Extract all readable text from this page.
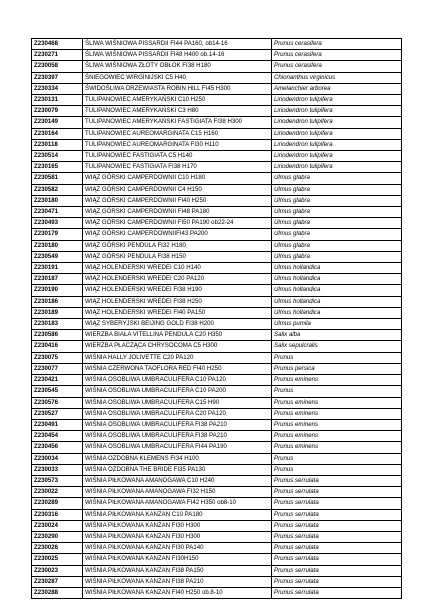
Z230468	ŚLIWA WIŚNIOWA PISSARDII FI44 PA160, ob14-16	Prunus cerasifera
Z230271	ŚLIWA WIŚNIOWA PISSARDII FI48 H400 ob.14-16	Prunus cerasifera
Z230058	ŚLIWA WIŚNIOWA ZŁOTY OBŁOK FI38 H180	Prunus cerasifera
Z230397	ŚNIEGOWIEC WIRGINIJSKI C5 H40	Chionanthus virginicus
Z230334	ŚWIDOŚLIWA DRZEWIASTA ROBIN HILL FI45 H300	Amelanchier arborea
Z230131	TULIPANOWIEC AMERYKAŃSKI C10 H250	Liriodendron tulipifera
Z230079	TULIPANOWIEC AMERYKAŃSKI C3 H80	Liriodendron tulipifera
Z230149	TULIPANOWIEC AMERYKAŃSKI FASTIGIATA FI38 H300	Liriodendron tulipifera
Z230164	TULIPANOWIEC AUREOMARGINATA C15 H160	Liriodendron tulipifera
Z230118	TULIPANOWIEC AUREOMARGINATA FI30 H110	Liriodendron tulipifera
Z230514	TULIPANOWIEC FASTIGIATA C5 H140	Liriodendron tulipifera
Z230165	TULIPANOWIEC FASTIGIATA FI38 H170	Liriodendron tulipifera
Z230581	WIĄZ GÓRSKI CAMPERDOWNII C10 H180	Ulmus glabra
Z230582	WIĄZ GÓRSKI CAMPERDOWNII C4 H150	Ulmus glabra
Z230180	WIĄZ GÓRSKI CAMPERDOWNII FI40 H250	Ulmus glabra
Z230471	WIĄZ GÓRSKI CAMPERDOWNII FI48 PA180	Ulmus glabra
Z230493	WIĄZ GÓRSKI CAMPERDOWNII FI50 PA190 ob22-24	Ulmus glabra
Z230179	WIĄZ GÓRSKI CAMPERDOWNIIFI43 PA200	Ulmus glabra
Z230180	WIĄZ GÓRSKI PENDULA FI32 H180	Ulmus glabra
Z230549	WIĄZ GÓRSKI PENDULA FI38 H150	Ulmus glabra
Z230191	WIĄZ HOLENDERSKI WREDEI C10 H140	Ulmus hollandica
Z230187	WIĄZ HOLENDERSKI WREDEI C20 PA120	Ulmus hollandica
Z230190	WIĄZ HOLENDERSKI WREDEI FI38 H190	Ulmus hollandica
Z230186	WIĄZ HOLENDERSKI WREDEI FI38 H250	Ulmus hollandica
Z230189	WIĄZ HOLENDERSKI WREDEI FI40 PA150	Ulmus hollandica
Z230183	WIĄZ SYBERYJSKI BEIJING GOLD FI38 H200	Ulmus pumila
Z230586	WIERZBA BIAŁA VITELLINA PENDULA C20 H350	Salix alba
Z230416	WIERZBA PŁACZĄCA CHRYSOCOMA C5 H300	Salix sepulcralis
Z230075	WIŚNIA HALLY JOLIVETTE C20 PA120	Prunus
Z230077	WIŚNIA CZERWONA TAOFLORA RED FI40 H250	Prunus persica
Z230421	WIŚNIA OSOBLIWA UMBRACULIFERA C10 PA120	Prunus eminens
Z230545	WIŚNIA OSOBLIWA UMBRACULIFERA C10 PA200	Prunus
Z230576	WIŚNIA OSOBLIWA UMBRACULIFERA C15 H90	Prunus eminens
Z230527	WIŚNIA OSOBLIWA UMBRACULIFERA C20 PA120	Prunus eminens
Z230491	WIŚNIA OSOBLIWA UMBRACULIFERA FI38 PA210	Prunus eminens
Z230454	WIŚNIA OSOBLIWA UMBRACULIFERA FI38 PA210	Prunus eminens
Z230456	WIŚNIA OSOBLIWA UMBRACULIFERA FI44 PA190	Prunus eminens
Z230034	WIŚNIA OZDOBNA KLEMENS FI34 H100	Prunus
Z230033	WIŚNIA OZDOBNA THE BRIDE FI35 PA130	Prunus
Z230573	WIŚNIA PIŁKOWANA AMANOGAWA C10 H240	Prunus serrulata
Z230022	WIŚNIA PIŁKOWANA AMANOGAWA FI32 H150	Prunus serrulata
Z230289	WIŚNIA PIŁKOWANA AMANOGAWA FI42 H350 ob8-10	Prunus serrulata
Z230316	WIŚNIA PIŁKOWANA KANZAN C10 PA180	Prunus serrulata
Z230024	WIŚNIA PIŁKOWANA KANZAN FI30 H300	Prunus serrulata
Z230290	WIŚNIA PIŁKOWANA KANZAN FI30 H300	Prunus serrulata
Z230026	WIŚNIA PIŁKOWANA KANZAN FI30 PA140	Prunus serrulata
Z230025	WIŚNIA PIŁKOWANA KANZAN FI30H150	Prunus serrulata
Z230023	WIŚNIA PIŁKOWANA KANZAN FI38 PA150	Prunus serrulata
Z230287	WIŚNIA PIŁKOWANA KANZAN FI38 PA210	Prunus serrulata
Z230288	WIŚNIA PIŁKOWANA KANZAN FI40 H250 ob.8-10	Prunus serrulata
